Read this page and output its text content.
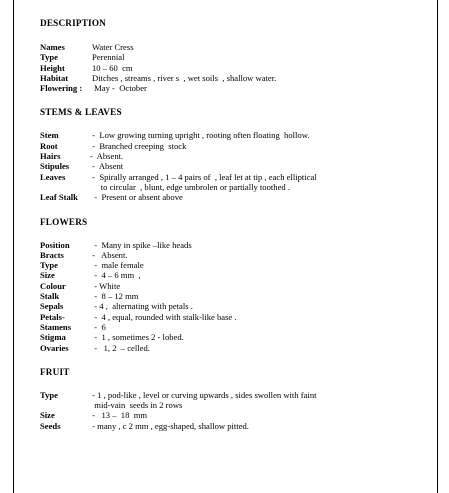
DESCRIPTION
Names	Water Cress
Type	Perennial
Height	10 – 60  cm
Habitat	Ditches , streams , river s  , wet soils  , shallow water.
Flowering :	May -  October
STEMS & LEAVES
Stem	-  Low growing turning upright , rooting often floating  hollow.
Root	-  Branched creeping  stock
Hairs	-  Absent.
Stipules	-  Absent
Leaves	-  Spirally arranged , 1 – 4 pairs of  , leaf let at tip , each elliptical
to circular  , blunt, edge umbrolen or partially toothed .
Leaf Stalk	-  Present or absent above
FLOWERS
Position	-  Many in spike –like heads
Bracts	-   Absent.
Type	-  male female
Size	-  4 – 6 mm  ,
Colour	- White
Stalk	-  8 – 12 mm
Sepals	- 4 ,  alternating with petals .
Petals-	-  4 , equal, rounded with stalk-like base .
Stamens	-  6
Stigma	-  1 , sometimes 2 - lobed.
Ovaries	-   1, 2  – celled.
FRUIT
Type	- 1 , pod-like , level or curving upwards , sides swollen with faint
mid-vain  seeds in 2 rows
Size	-   13 –  18  mm
Seeds	- many , c 2 mm , egg-shaped, shallow pitted.
